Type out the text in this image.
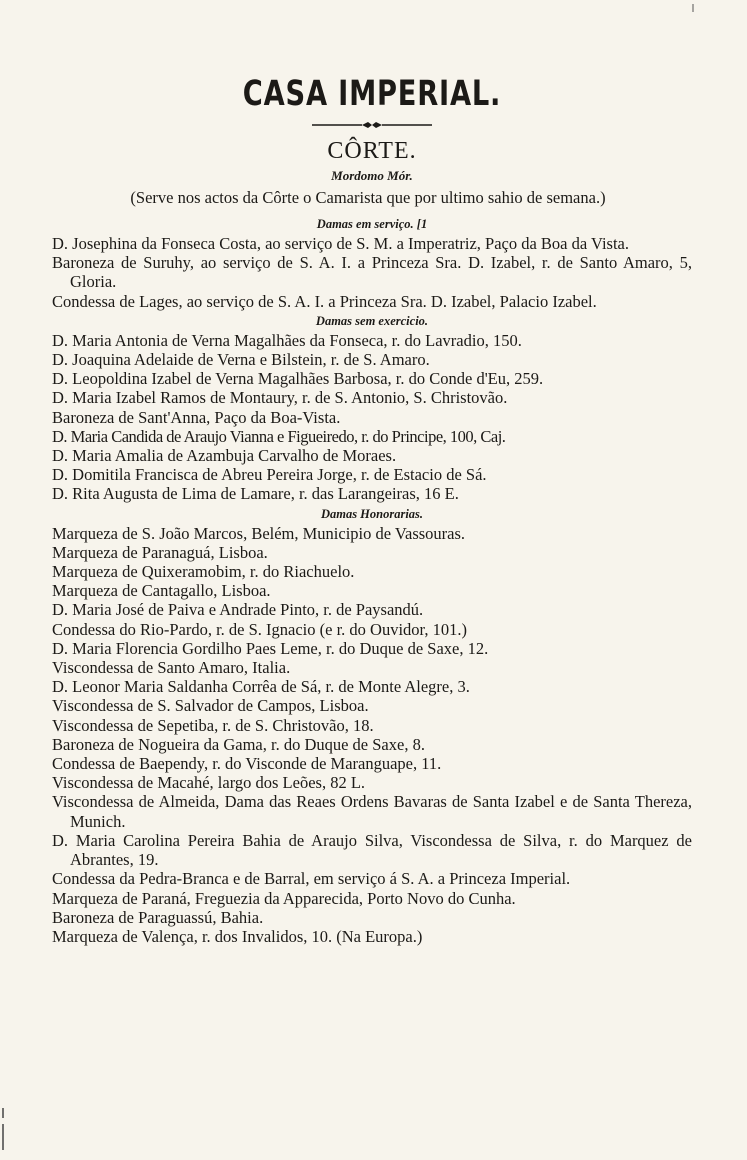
CASA IMPERIAL.
CÔRTE.
Mordomo Mór.
(Serve nos actos da Côrte o Camarista que por ultimo sahio de semana.)
Damas em serviço. [1
D. Josephina da Fonseca Costa, ao serviço de S. M. a Imperatriz, Paço da Boa da Vista.
Baroneza de Suruhy, ao serviço de S. A. I. a Princeza Sra. D. Izabel, r. de Santo Amaro, 5, Gloria.
Condessa de Lages, ao serviço de S. A. I. a Princeza Sra. D. Izabel, Palacio Izabel.
Damas sem exercicio.
D. Maria Antonia de Verna Magalhães da Fonseca, r. do Lavradio, 150.
D. Joaquina Adelaide de Verna e Bilstein, r. de S. Amaro.
D. Leopoldina Izabel de Verna Magalhães Barbosa, r. do Conde d'Eu, 259.
D. Maria Izabel Ramos de Montaury, r. de S. Antonio, S. Christovão.
Baroneza de Sant'Anna, Paço da Boa-Vista.
D. Maria Candida de Araujo Vianna e Figueiredo, r. do Principe, 100, Caj.
D. Maria Amalia de Azambuja Carvalho de Moraes.
D. Domitila Francisca de Abreu Pereira Jorge, r. de Estacio de Sá.
D. Rita Augusta de Lima de Lamare, r. das Larangeiras, 16 E.
Damas Honorarias.
Marqueza de S. João Marcos, Belém, Municipio de Vassouras.
Marqueza de Paranaguá, Lisboa.
Marqueza de Quixeramobim, r. do Riachuelo.
Marqueza de Cantagallo, Lisboa.
D. Maria José de Paiva e Andrade Pinto, r. de Paysandú.
Condessa do Rio-Pardo, r. de S. Ignacio (e r. do Ouvidor, 101.)
D. Maria Florencia Gordilho Paes Leme, r. do Duque de Saxe, 12.
Viscondessa de Santo Amaro, Italia.
D. Leonor Maria Saldanha Corrêa de Sá, r. de Monte Alegre, 3.
Viscondessa de S. Salvador de Campos, Lisboa.
Viscondessa de Sepetiba, r. de S. Christovão, 18.
Baroneza de Nogueira da Gama, r. do Duque de Saxe, 8.
Condessa de Baependy, r. do Visconde de Maranguape, 11.
Viscondessa de Macahé, largo dos Leões, 82 L.
Viscondessa de Almeida, Dama das Reaes Ordens Bavaras de Santa Izabel e de Santa Thereza, Munich.
D. Maria Carolina Pereira Bahia de Araujo Silva, Viscondessa de Silva, r. do Marquez de Abrantes, 19.
Condessa da Pedra-Branca e de Barral, em serviço á S. A. a Princeza Imperial.
Marqueza de Paraná, Freguezia da Apparecida, Porto Novo do Cunha.
Baroneza de Paraguassú, Bahia.
Marqueza de Valença, r. dos Invalidos, 10. (Na Europa.)
